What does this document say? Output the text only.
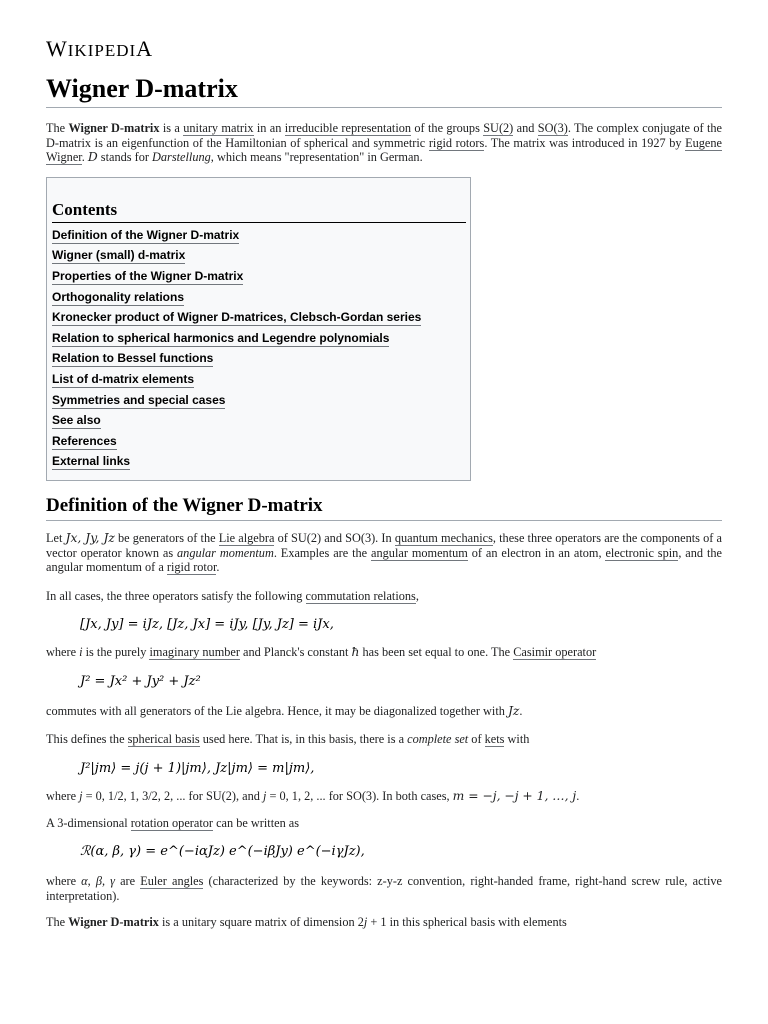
WIKIPEDIA
Wigner D-matrix

The Wigner D-matrix is a unitary matrix in an irreducible representation of the groups SU(2) and SO(3). The complex conjugate of the D-matrix is an eigenfunction of the Hamiltonian of spherical and symmetric rigid rotors. The matrix was introduced in 1927 by Eugene Wigner. D stands for Darstellung, which means "representation" in German.

Contents
Definition of the Wigner D-matrix
Wigner (small) d-matrix
Properties of the Wigner D-matrix
Orthogonality relations
Kronecker product of Wigner D-matrices, Clebsch-Gordan series
Relation to spherical harmonics and Legendre polynomials
Relation to Bessel functions
List of d-matrix elements
Symmetries and special cases
See also
References
External links
Definition of the Wigner D-matrix

Let Jx, Jy, Jz be generators of the Lie algebra of SU(2) and SO(3). In quantum mechanics, these three operators are the components of a vector operator known as angular momentum. Examples are the angular momentum of an electron in an atom, electronic spin, and the angular momentum of a rigid rotor.

In all cases, the three operators satisfy the following commutation relations,

[Jx, Jy] = iJz, [Jz, Jx] = iJy, [Jy, Jz] = iJx,

where i is the purely imaginary number and Planck's constant ħ has been set equal to one. The Casimir operator

J² = Jx² + Jy² + Jz²

commutes with all generators of the Lie algebra. Hence, it may be diagonalized together with Jz.

This defines the spherical basis used here. That is, in this basis, there is a complete set of kets with

J²|jm⟩ = j(j + 1)|jm⟩, Jz|jm⟩ = m|jm⟩,

where j = 0, 1/2, 1, 3/2, 2, ... for SU(2), and j = 0, 1, 2, ... for SO(3). In both cases, m = −j, −j + 1, …, j.

A 3-dimensional rotation operator can be written as

ℛ(α, β, γ) = e^(−iαJz) e^(−iβJy) e^(−iγJz),

where α, β, γ are Euler angles (characterized by the keywords: z-y-z convention, right-handed frame, right-hand screw rule, active interpretation).

The Wigner D-matrix is a unitary square matrix of dimension 2j + 1 in this spherical basis with elements
